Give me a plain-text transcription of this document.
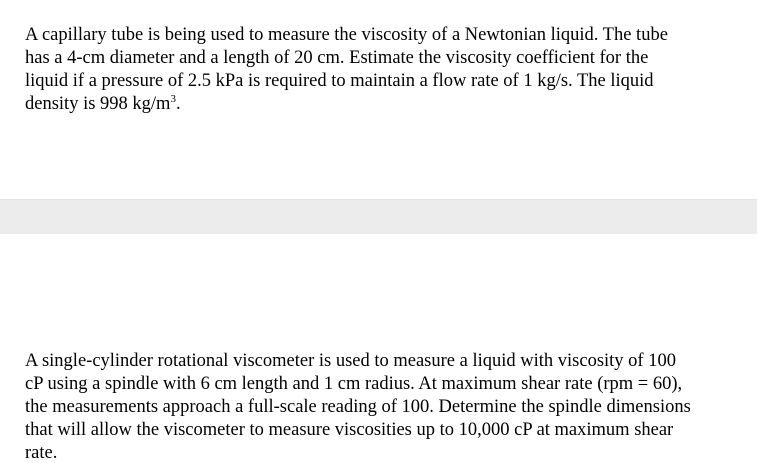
A capillary tube is being used to measure the viscosity of a Newtonian liquid. The tube
has a 4-cm diameter and a length of 20 cm. Estimate the viscosity coefficient for the
liquid if a pressure of 2.5 kPa is required to maintain a flow rate of 1 kg/s. The liquid
density is 998 $kg/m^3$.

A single-cylinder rotational viscometer is used to measure a liquid with viscosity of 100
cP using a spindle with 6 cm length and 1 cm radius. At maximum shear rate (rpm = 60),
the measurements approach a full-scale reading of 100. Determine the spindle dimensions
that will allow the viscometer to measure viscosities up to 10,000 cP at maximum shear
rate.
